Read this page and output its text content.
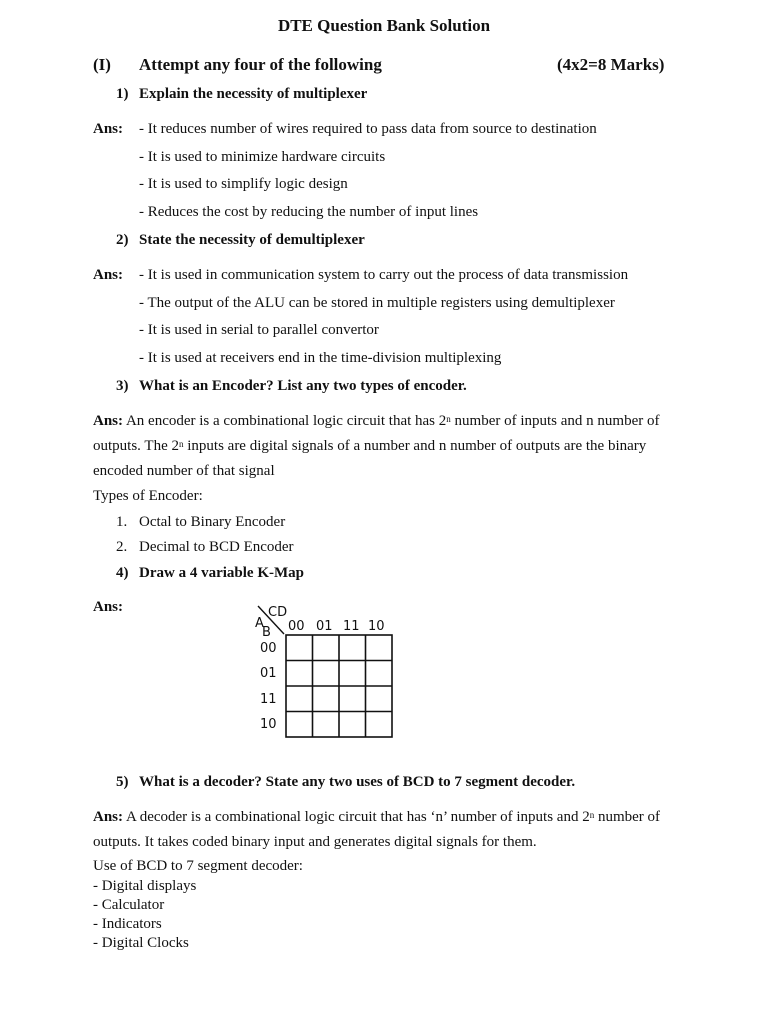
DTE Question Bank Solution
(I) Attempt any four of the following	(4x2=8 Marks)
1) Explain the necessity of multiplexer
Ans: - It reduces number of wires required to pass data from source to destination
- It is used to minimize hardware circuits
- It is used to simplify logic design
- Reduces the cost by reducing the number of input lines
2) State the necessity of demultiplexer
Ans: - It is used in communication system to carry out the process of data transmission
- The output of the ALU can be stored in multiple registers using demultiplexer
- It is used in serial to parallel convertor
- It is used at receivers end in the time-division multiplexing
3) What is an Encoder? List any two types of encoder.
Ans: An encoder is a combinational logic circuit that has 2$^n$ number of inputs and n number of
outputs. The 2$^n$ inputs are digital signals of a number and n number of outputs are the binary
encoded number of that signal
Types of Encoder:
1. Octal to Binary Encoder
2. Decimal to BCD Encoder
4) Draw a 4 variable K-Map
Ans:	CD
A
B 00 01 11 10
00
01
11
10
5) What is a decoder? State any two uses of BCD to 7 segment decoder.
Ans: A decoder is a combinational logic circuit that has ‘n’ number of inputs and 2$^n$ number of
outputs. It takes coded binary input and generates digital signals for them.
Use of BCD to 7 segment decoder:
- Digital displays
- Calculator
- Indicators
- Digital Clocks
